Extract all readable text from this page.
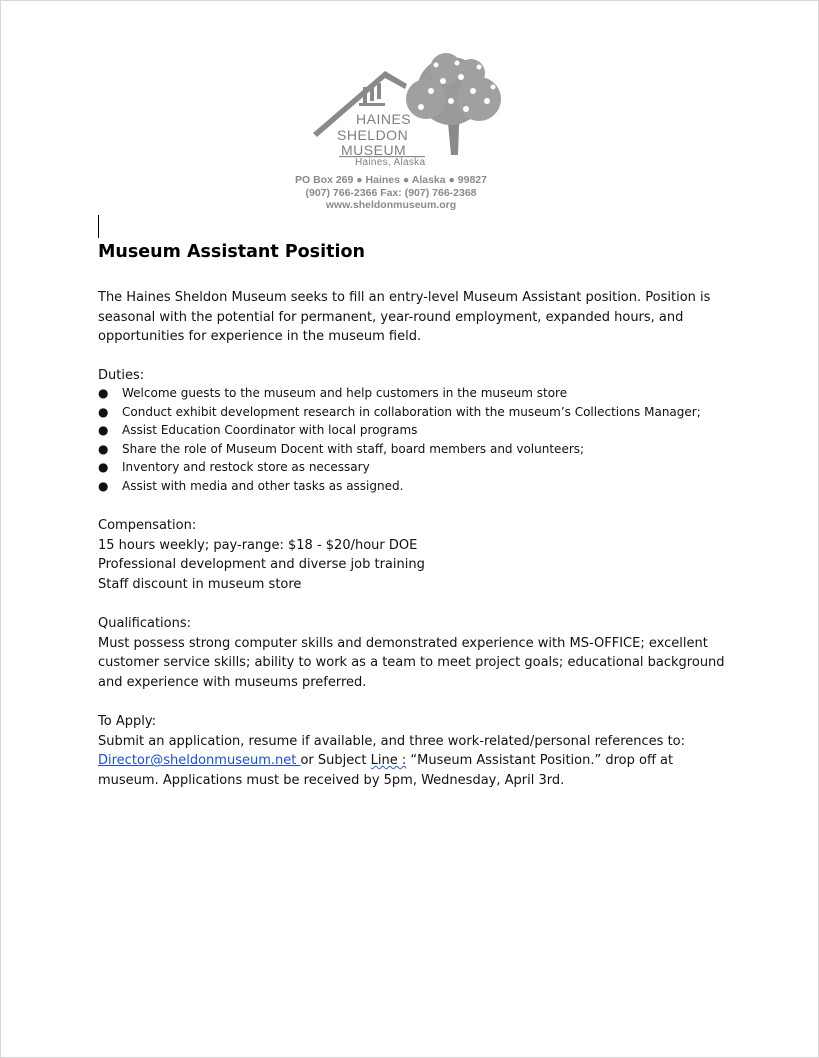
HAINES
SHELDON
MUSEUM
Haines, Alaska
PO Box 269 ● Haines ● Alaska ● 99827
(907) 766-2366 Fax: (907) 766-2368
www.sheldonmuseum.org
Museum Assistant Position
The Haines Sheldon Museum seeks to fill an entry-level Museum Assistant position. Position is
seasonal with the potential for permanent, year-round employment, expanded hours, and
opportunities for experience in the museum field.
Duties:
● Welcome guests to the museum and help customers in the museum store
● Conduct exhibit development research in collaboration with the museum’s Collections Manager;
● Assist Education Coordinator with local programs
● Share the role of Museum Docent with staff, board members and volunteers;
● Inventory and restock store as necessary
● Assist with media and other tasks as assigned.
Compensation:
15 hours weekly; pay-range: $18 - $20/hour DOE
Professional development and diverse job training
Staff discount in museum store
Qualifications:
Must possess strong computer skills and demonstrated experience with MS-OFFICE; excellent
customer service skills; ability to work as a team to meet project goals; educational background
and experience with museums preferred.
To Apply:
Submit an application, resume if available, and three work-related/personal references to:
Director@sheldonmuseum.net or Subject Line : “Museum Assistant Position.” drop off at
museum. Applications must be received by 5pm, Wednesday, April 3rd.
